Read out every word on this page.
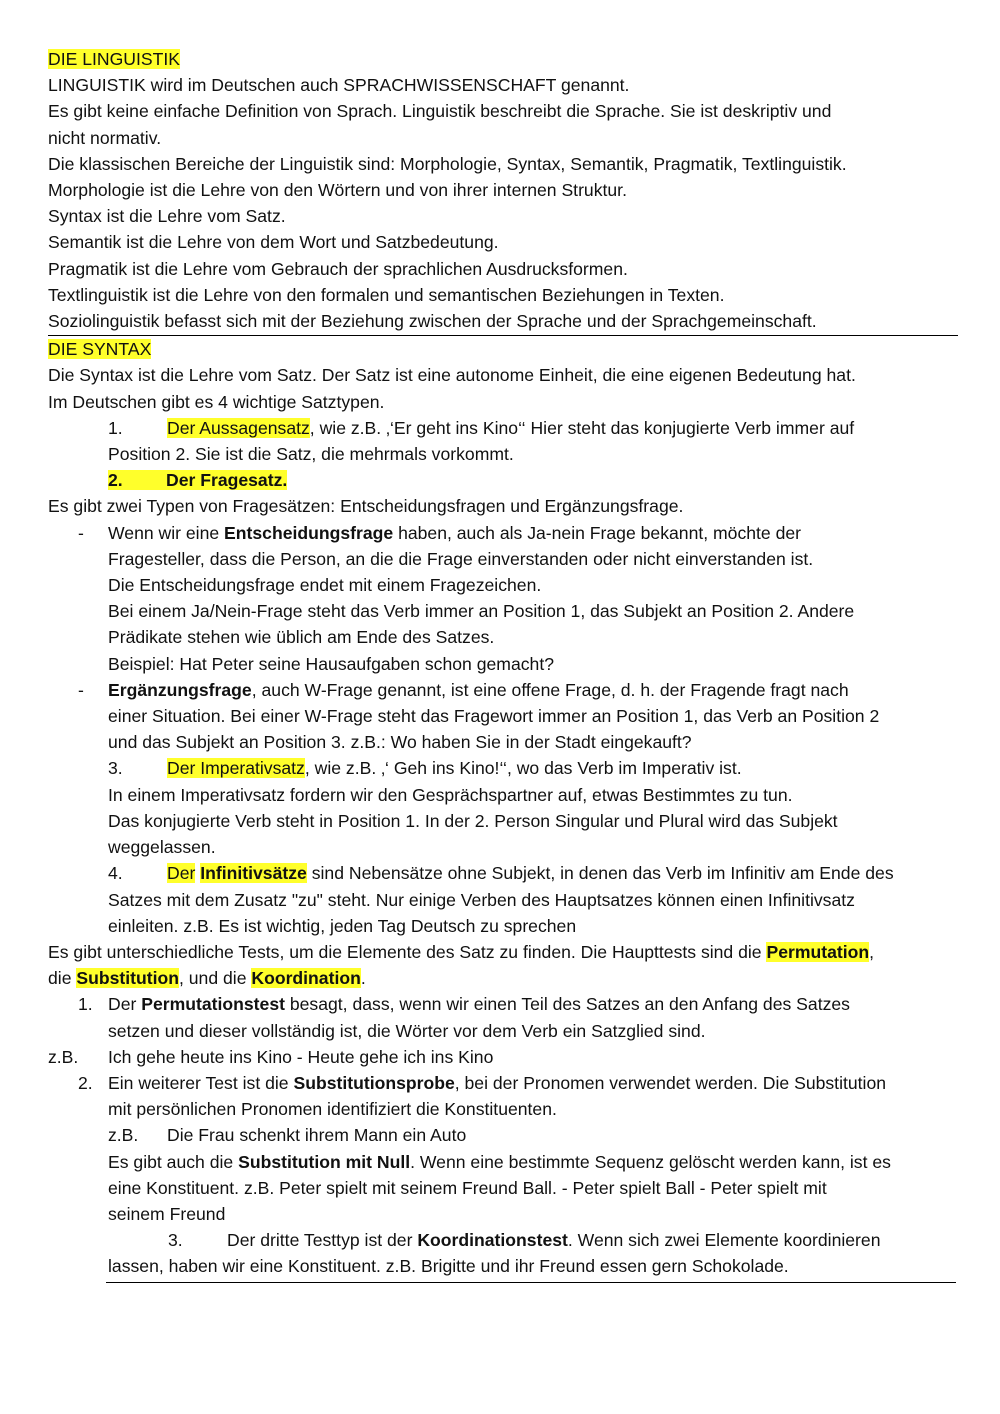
DIE LINGUISTIK
LINGUISTIK wird im Deutschen auch SPRACHWISSENSCHAFT genannt.
Es gibt keine einfache Definition von Sprach. Linguistik beschreibt die Sprache. Sie ist deskriptiv und
nicht normativ.
Die klassischen Bereiche der Linguistik sind: Morphologie, Syntax, Semantik, Pragmatik, Textlinguistik.
Morphologie ist die Lehre von den Wörtern und von ihrer internen Struktur.
Syntax ist die Lehre vom Satz.
Semantik ist die Lehre von dem Wort und Satzbedeutung.
Pragmatik ist die Lehre vom Gebrauch der sprachlichen Ausdrucksformen.
Textlinguistik ist die Lehre von den formalen und semantischen Beziehungen in Texten.
Soziolinguistik befasst sich mit der Beziehung zwischen der Sprache und der Sprachgemeinschaft.
DIE SYNTAX
Die Syntax ist die Lehre vom Satz. Der Satz ist eine autonome Einheit, die eine eigenen Bedeutung hat.
Im Deutschen gibt es 4 wichtige Satztypen.
1.	Der Aussagensatz, wie z.B. ‚‘Er geht ins Kino‘‘ Hier steht das konjugierte Verb immer auf
Position 2. Sie ist die Satz, die mehrmals vorkommt.
2. Der Fragesatz.
Es gibt zwei Typen von Fragesätzen: Entscheidungsfragen und Ergänzungsfrage.
- Wenn wir eine Entscheidungsfrage haben, auch als Ja-nein Frage bekannt, möchte der
Fragesteller, dass die Person, an die die Frage einverstanden oder nicht einverstanden ist.
Die Entscheidungsfrage endet mit einem Fragezeichen.
Bei einem Ja/Nein-Frage steht das Verb immer an Position 1, das Subjekt an Position 2. Andere
Prädikate stehen wie üblich am Ende des Satzes.
Beispiel: Hat Peter seine Hausaufgaben schon gemacht?
- Ergänzungsfrage, auch W-Frage genannt, ist eine offene Frage, d. h. der Fragende fragt nach
einer Situation. Bei einer W-Frage steht das Fragewort immer an Position 1, das Verb an Position 2
und das Subjekt an Position 3. z.B.: Wo haben Sie in der Stadt eingekauft?
3.	Der Imperativsatz, wie z.B. ‚‘ Geh ins Kino!‘‘, wo das Verb im Imperativ ist.
In einem Imperativsatz fordern wir den Gesprächspartner auf, etwas Bestimmtes zu tun.
Das konjugierte Verb steht in Position 1. In der 2. Person Singular und Plural wird das Subjekt
weggelassen.
4.	Der Infinitivsätze sind Nebensätze ohne Subjekt, in denen das Verb im Infinitiv am Ende des
Satzes mit dem Zusatz "zu" steht. Nur einige Verben des Hauptsatzes können einen Infinitivsatz
einleiten. z.B. Es ist wichtig, jeden Tag Deutsch zu sprechen
Es gibt unterschiedliche Tests, um die Elemente des Satz zu finden. Die Haupttests sind die Permutation,
die Substitution, und die Koordination.
1. Der Permutationstest besagt, dass, wenn wir einen Teil des Satzes an den Anfang des Satzes
setzen und dieser vollständig ist, die Wörter vor dem Verb ein Satzglied sind.
z.B. Ich gehe heute ins Kino - Heute gehe ich ins Kino
2. Ein weiterer Test ist die Substitutionsprobe, bei der Pronomen verwendet werden. Die Substitution
mit persönlichen Pronomen identifiziert die Konstituenten.
z.B. Die Frau schenkt ihrem Mann ein Auto
Es gibt auch die Substitution mit Null. Wenn eine bestimmte Sequenz gelöscht werden kann, ist es
eine Konstituent. z.B. Peter spielt mit seinem Freund Ball. - Peter spielt Ball - Peter spielt mit
seinem Freund
3.	Der dritte Testtyp ist der Koordinationstest. Wenn sich zwei Elemente koordinieren
lassen, haben wir eine Konstituent. z.B. Brigitte und ihr Freund essen gern Schokolade.
